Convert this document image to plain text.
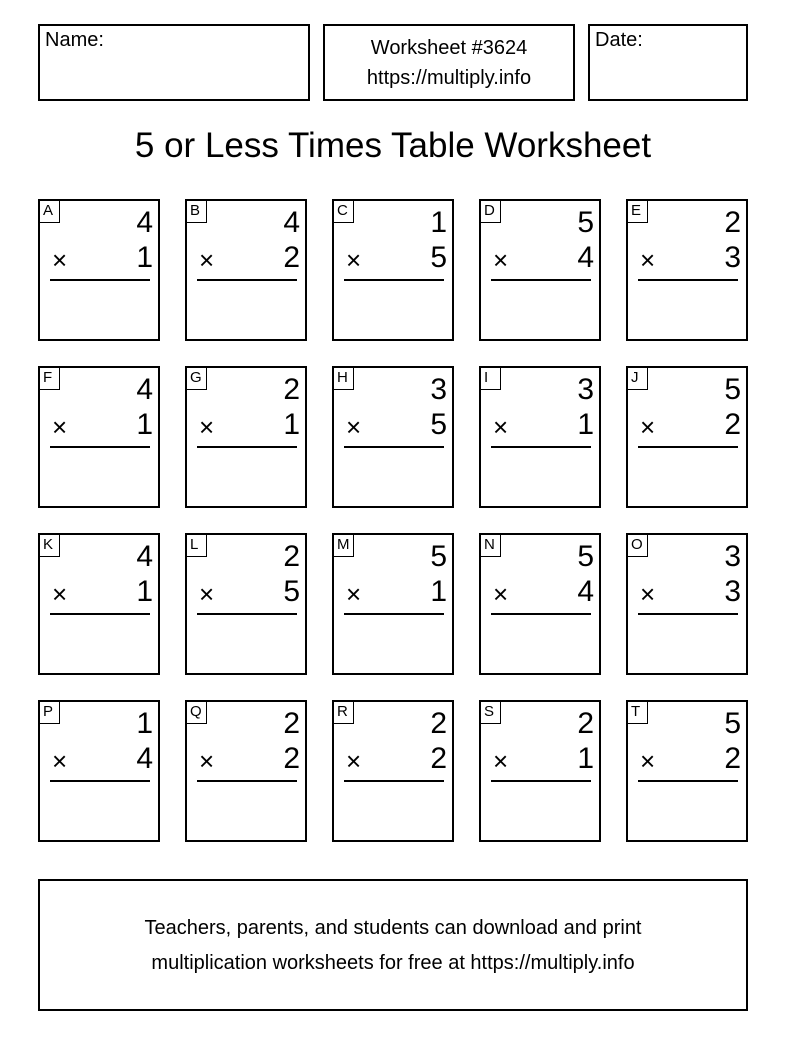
Name:	Worksheet #3624
https://multiply.info
Date:
5 or Less Times Table Worksheet
A	4
× 1
B	4
× 2
C	1
× 5
D	5
× 4
E	2
× 3
F	4
× 1
G	2
× 1
H	3
× 5
I	3
× 1
J	5
× 2
K	4
× 1
L	2
× 5
M	5
× 1
N	5
× 4
O	3
× 3
P	1
× 4
Q	2
× 2
R	2
× 2
S	2
× 1
T	5
× 2
Teachers, parents, and students can download and print
multiplication worksheets for free at https://multiply.info
